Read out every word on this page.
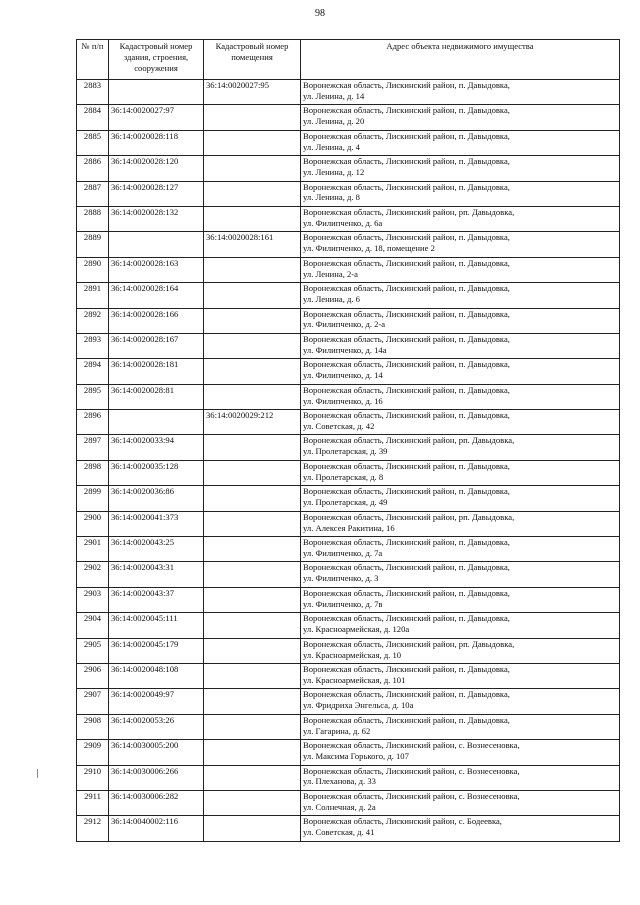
98
№ п/п	Кадастровый номер здания, строения, сооружения	Кадастровый номер помещения	Адрес объекта недвижимого имущества
2883		36:14:0020027:95	Воронежская область, Лискинский район, п. Давыдовка,
ул. Ленина, д. 14

2884	36:14:0020027:97		Воронежская область, Лискинский район, п. Давыдовка,
ул. Ленина, д. 20

2885	36:14:0020028:118		Воронежская область, Лискинский район, п. Давыдовка,
ул. Ленина, д. 4

2886	36:14:0020028:120		Воронежская область, Лискинский район, п. Давыдовка,
ул. Ленина, д. 12

2887	36:14:0020028:127		Воронежская область, Лискинский район, п. Давыдовка,
ул. Ленина, д. 8

2888	36:14:0020028:132		Воронежская область, Лискинский район, рп. Давыдовка,
ул. Филипченко, д. 6а

2889		36:14:0020028:161	Воронежская область, Лискинский район, п. Давыдовка,
ул. Филипченко, д. 18, помещение 2

2890	36:14:0020028:163		Воронежская область, Лискинский район, п. Давыдовка,
ул. Ленина, 2-а

2891	36:14:0020028:164		Воронежская область, Лискинский район, п. Давыдовка,
ул. Ленина, д. 6

2892	36:14:0020028:166		Воронежская область, Лискинский район, п. Давыдовка,
ул. Филипченко, д. 2-а

2893	36:14:0020028:167		Воронежская область, Лискинский район, п. Давыдовка,
ул. Филипченко, д. 14а

2894	36:14:0020028:181		Воронежская область, Лискинский район, п. Давыдовка,
ул. Филипченко, д. 14

2895	36:14:0020028:81		Воронежская область, Лискинский район, п. Давыдовка,
ул. Филипченко, д. 16

2896		36:14:0020029:212	Воронежская область, Лискинский район, п. Давыдовка,
ул. Советская, д. 42

2897	36:14:0020033:94		Воронежская область, Лискинский район, рп. Давыдовка,
ул. Пролетарская, д. 39

2898	36:14:0020035:128		Воронежская область, Лискинский район, п. Давыдовка,
ул. Пролетарская, д. 8

2899	36:14:0020036:86		Воронежская область, Лискинский район, п. Давыдовка,
ул. Пролетарская, д. 49

2900	36:14:0020041:373		Воронежская область, Лискинский район, рп. Давыдовка,
ул. Алексея Ракитина, 16

2901	36:14:0020043:25		Воронежская область, Лискинский район, п. Давыдовка,
ул. Филипченко, д. 7а

2902	36:14:0020043:31		Воронежская область, Лискинский район, п. Давыдовка,
ул. Филипченко, д. 3

2903	36:14:0020043:37		Воронежская область, Лискинский район, п. Давыдовка,
ул. Филипченко, д. 7в

2904	36:14:0020045:111		Воронежская область, Лискинский район, п. Давыдовка,
ул. Красноармейская, д. 120а

2905	36:14:0020045:179		Воронежская область, Лискинский район, рп. Давыдовка,
ул. Красноармейская, д. 10

2906	36:14:0020048:108		Воронежская область, Лискинский район, п. Давыдовка,
ул. Красноармейская, д. 101

2907	36:14:0020049:97		Воронежская область, Лискинский район, п. Давыдовка,
ул. Фридриха Энгельса, д. 10а

2908	36:14:0020053:26		Воронежская область, Лискинский район, п. Давыдовка,
ул. Гагарина, д. 62

2909	36:14:0030005:200		Воронежская область, Лискинский район, с. Вознесеновка,
ул. Максима Горького, д. 107

2910	36:14:0030006:266		Воронежская область, Лискинский район, с. Вознесеновка,
ул. Плеханова, д. 33

2911	36:14:0030006:282		Воронежская область, Лискинский район, с. Вознесеновка,
ул. Солнечная, д. 2а

2912	36:14:0040002:116		Воронежская область, Лискинский район, с. Бодеевка,
ул. Советская, д. 41
